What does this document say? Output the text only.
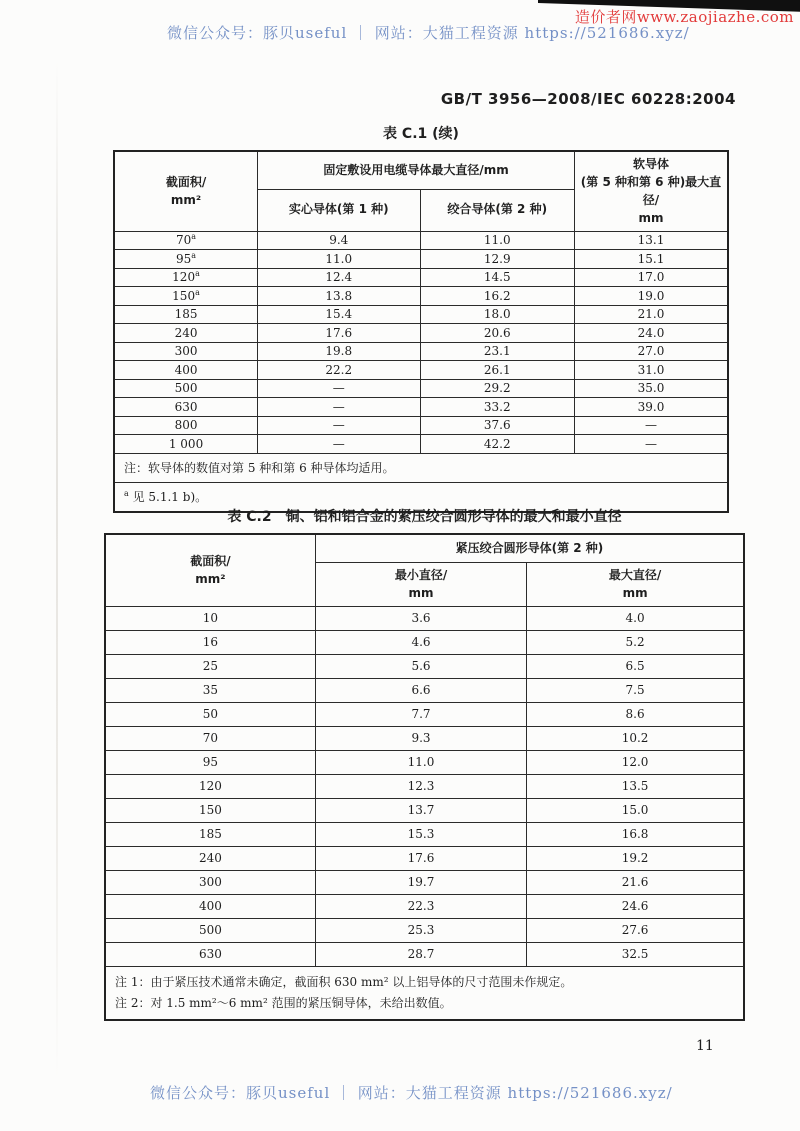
造价者网www.zaojiazhe.com
微信公众号：豚贝useful ｜ 网站：大猫工程资源 https://521686.xyz/
GB/T 3956—2008/IEC 60228:2004
表 C.1 (续)
截面积/
mm²
	固定敷设用电缆导体最大直径/mm	软导体
(第 5 种和第 6 种)最大直径/
mm

	实心导体(第 1 种)	绞合导体(第 2 种)	
70$^a$	9.4	11.0	13.1
95$^a$	11.0	12.9	15.1
120$^a$	12.4	14.5	17.0
150$^a$	13.8	16.2	19.0
185	15.4	18.0	21.0
240	17.6	20.6	24.0
300	19.8	23.1	27.0
400	22.2	26.1	31.0
500	—	29.2	35.0
630	—	33.2	39.0
800	—	37.6	—
1 000	—	42.2	—
注：软导体的数值对第 5 种和第 6 种导体均适用。			
$^a$ 见 5.1.1 b)。			
表 C.2　铜、铝和铝合金的紧压绞合圆形导体的最大和最小直径
截面积/
mm²	紧压绞合圆形导体(第 2 种)	

最小直径/
mm

最大直径/
mm

10	3.6	4.0
16	4.6	5.2
25	5.6	6.5
35	6.6	7.5
50	7.7	8.6
70	9.3	10.2
95	11.0	12.0
120	12.3	13.5
150	13.7	15.0
185	15.3	16.8
240	17.6	19.2
300	19.7	21.6
400	22.3	24.6
500	25.3	27.6
630	28.7	32.5

注 1：由于紧压技术通常未确定，截面积 630 mm² 以上铝导体的尺寸范围未作规定。
注 2：对 1.5 mm²～6 mm² 范围的紧压铜导体，未给出数值。		
11
微信公众号：豚贝useful ｜ 网站：大猫工程资源 https://521686.xyz/
